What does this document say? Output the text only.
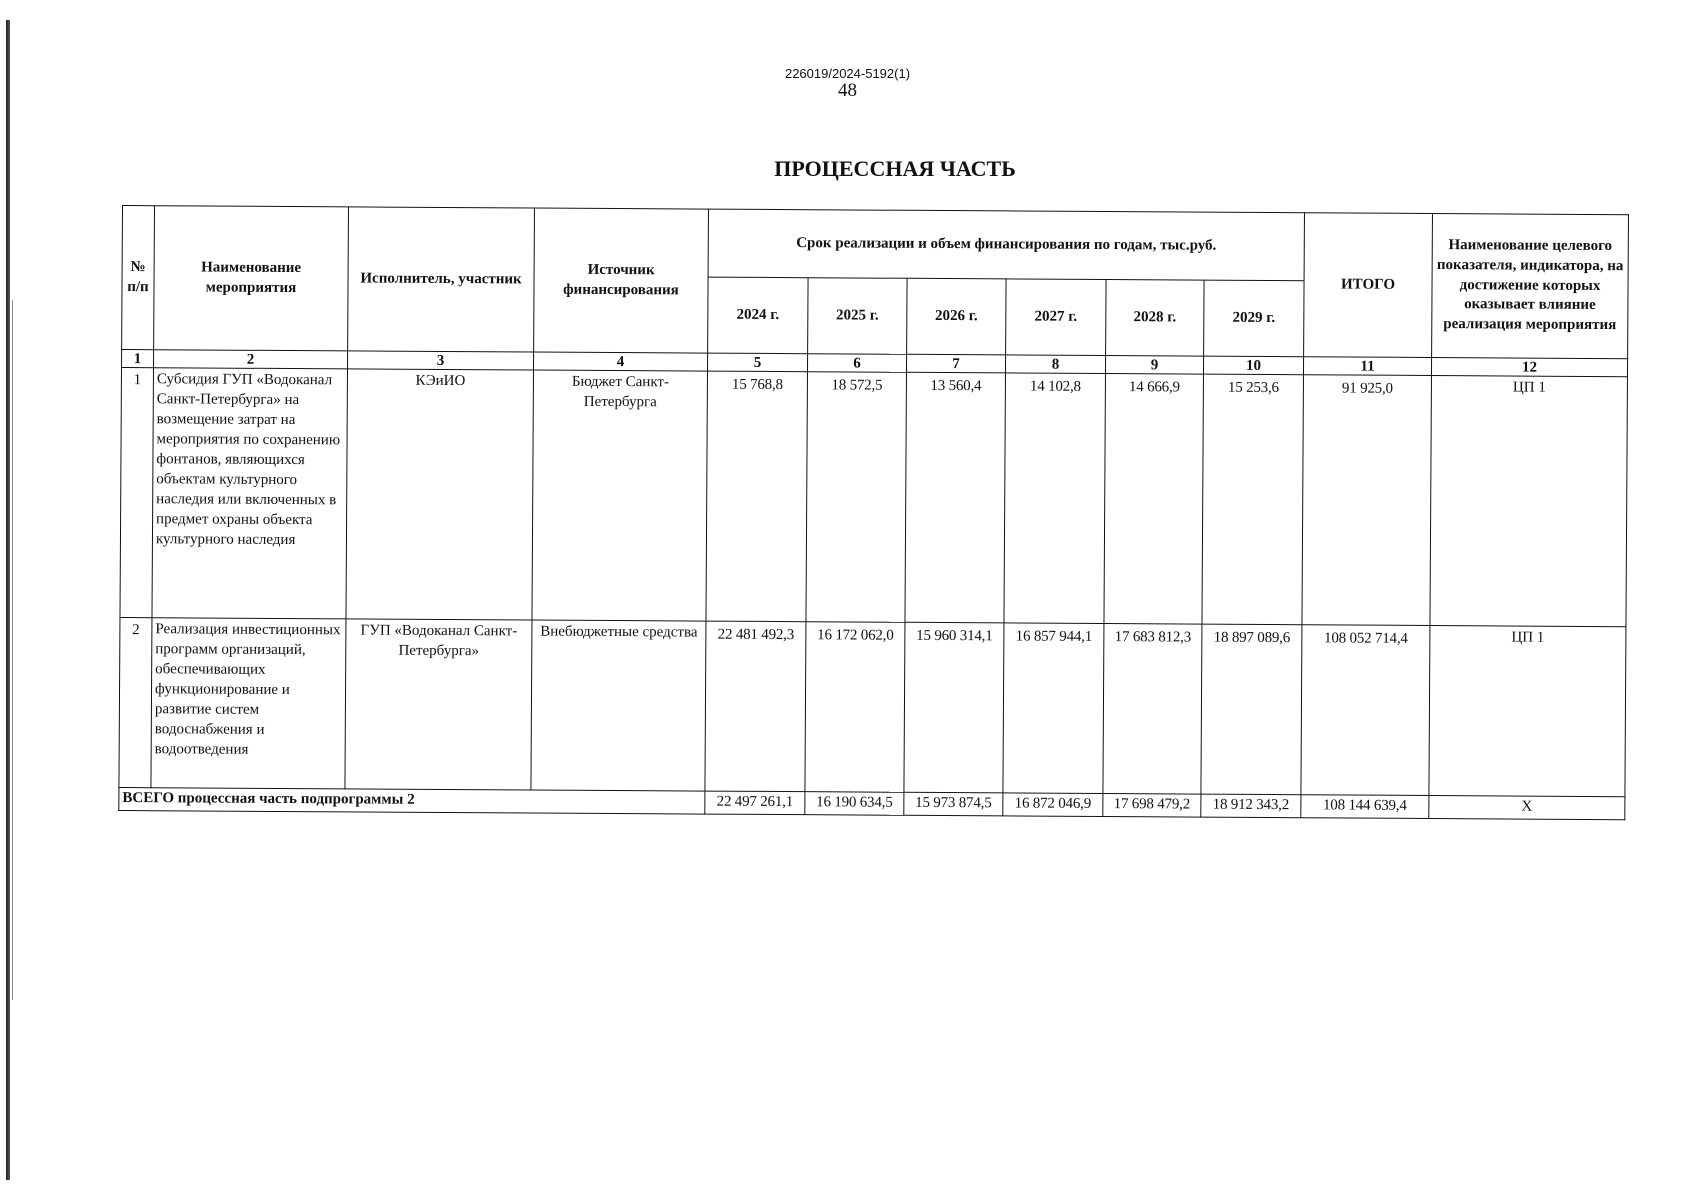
226019/2024-5192(1)
48
ПРОЦЕССНАЯ ЧАСТЬ
№ п/п	Наименование мероприятия	Исполнитель, участник	Источник финансирования	Срок реализации и объем финансирования по годам, тыс.руб.						ИТОГО	Наименование целевого показателя, индикатора, на достижение которых оказывает влияние реализация мероприятия
				2024 г.	2025 г.	2026 г.	2027 г.	2028 г.	2029 г.		
1	2	3	4	5	6	7	8	9	10	11	12
1	Субсидия ГУП «Водоканал Санкт-Петербурга» на возмещение затрат на мероприятия по сохранению фонтанов, являющихся объектам культурного наследия или включенных в предмет охраны объекта культурного наследия	КЭиИО	Бюджет Санкт-Петербурга	15 768,8	18 572,5	13 560,4	14 102,8	14 666,9	15 253,6	91 925,0	ЦП 1
2	Реализация инвестиционных программ организаций, обеспечивающих функционирование и развитие систем водоснабжения и водоотведения	ГУП «Водоканал Санкт-Петербурга»	Внебюджетные средства	22 481 492,3	16 172 062,0	15 960 314,1	16 857 944,1	17 683 812,3	18 897 089,6	108 052 714,4	ЦП 1
ВСЕГО процессная часть подпрограммы 2				22 497 261,1	16 190 634,5	15 973 874,5	16 872 046,9	17 698 479,2	18 912 343,2	108 144 639,4	Х
